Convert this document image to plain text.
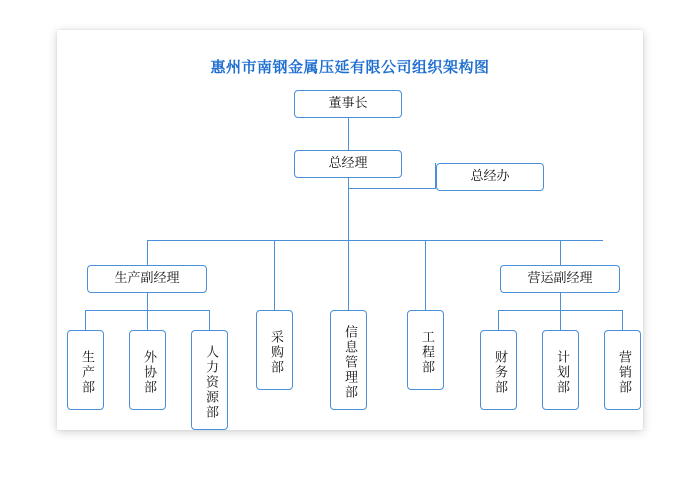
惠州市南钢金属压延有限公司组织架构图
董事长
总经理
总经办
生产副经理	营运副经理
生产部	外协部	人力资源部	采购部	信息管理部	工程部	财务部	计划部	营销部
